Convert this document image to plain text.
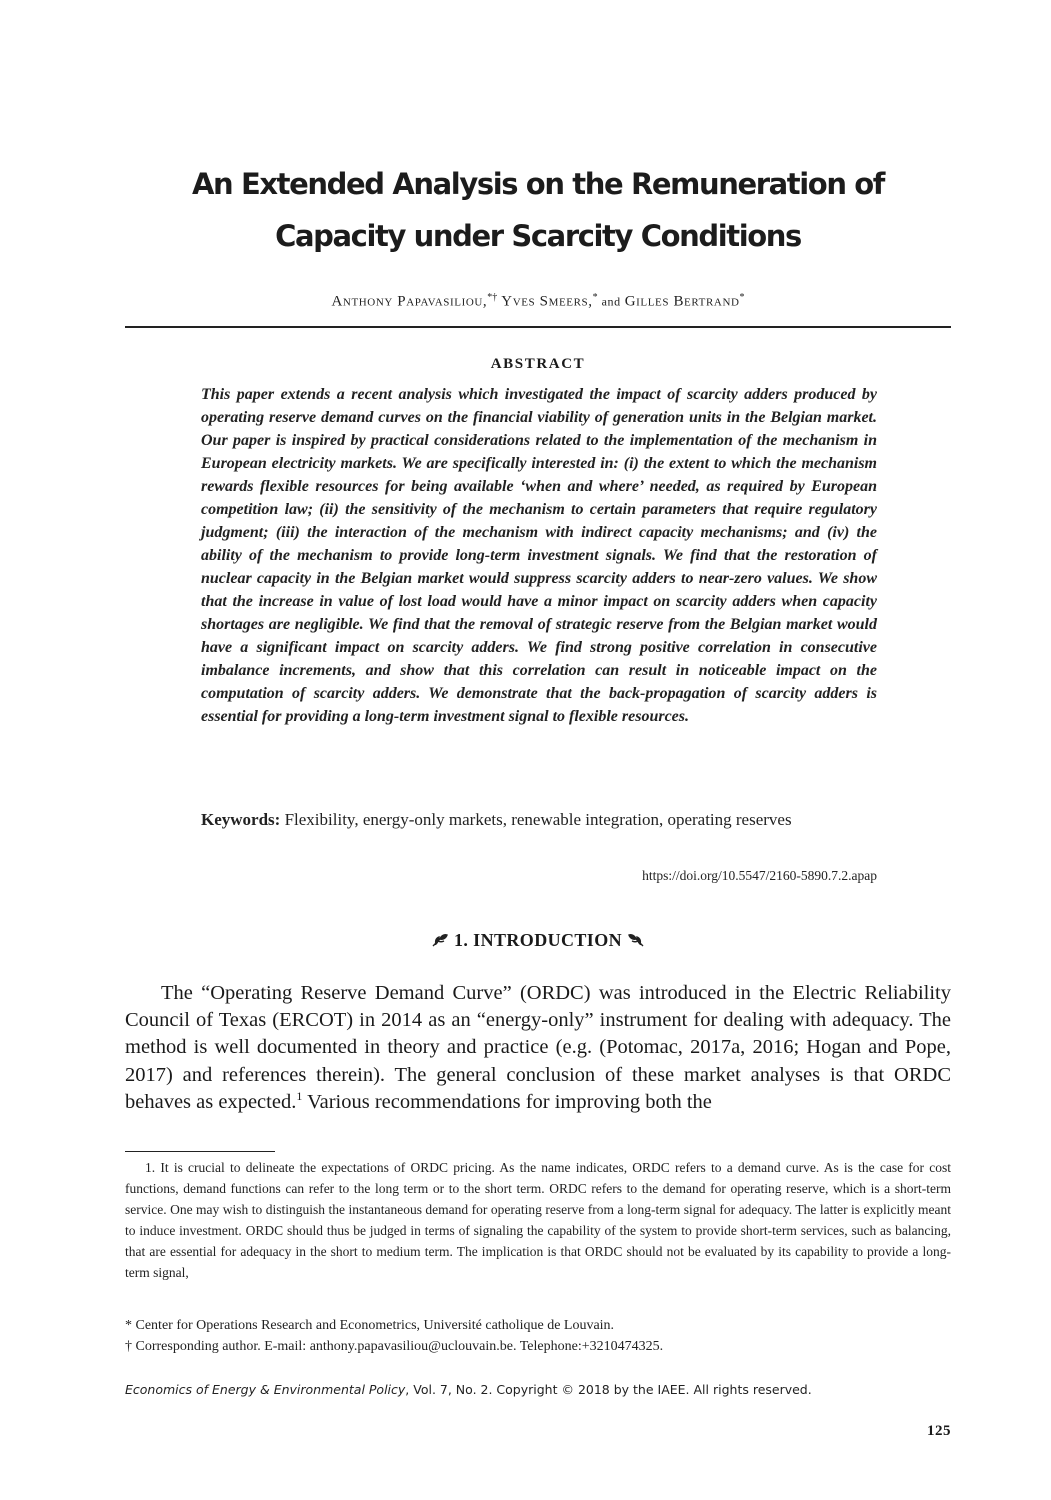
An Extended Analysis on the Remuneration of
Capacity under Scarcity Conditions
Anthony Papavasiliou,*† Yves Smeers,* and Gilles Bertrand*
ABSTRACT
This paper extends a recent analysis which investigated the impact of scarcity adders produced by operating reserve demand curves on the financial viability of generation units in the Belgian market. Our paper is inspired by practical considerations related to the implementation of the mechanism in European electricity markets. We are specifically interested in: (i) the extent to which the mechanism rewards flexible resources for being available ‘when and where’ needed, as required by European competition law; (ii) the sensitivity of the mechanism to certain parameters that require regulatory judgment; (iii) the interaction of the mechanism with indirect capacity mechanisms; and (iv) the ability of the mechanism to provide long-term investment signals. We find that the restoration of nuclear capacity in the Belgian market would suppress scarcity adders to near-zero values. We show that the increase in value of lost load would have a minor impact on scarcity adders when capacity shortages are negligible. We find that the removal of strategic reserve from the Belgian market would have a significant impact on scarcity adders. We find strong positive correlation in consecutive imbalance increments, and show that this correlation can result in noticeable impact on the computation of scarcity adders. We demonstrate that the back-propagation of scarcity adders is essential for providing a long-term investment signal to flexible resources.
Keywords: Flexibility, energy-only markets, renewable integration, operating reserves
https://doi.org/10.5547/2160-5890.7.2.apap
1. INTRODUCTION
The “Operating Reserve Demand Curve” (ORDC) was introduced in the Electric Reliability Council of Texas (ERCOT) in 2014 as an “energy-only” instrument for dealing with adequacy. The method is well documented in theory and practice (e.g. (Potomac, 2017a, 2016; Hogan and Pope, 2017) and references therein). The general conclusion of these market analyses is that ORDC behaves as expected.$^1$ Various recommendations for improving both the
1. It is crucial to delineate the expectations of ORDC pricing. As the name indicates, ORDC refers to a demand curve. As is the case for cost functions, demand functions can refer to the long term or to the short term. ORDC refers to the demand for operating reserve, which is a short-term service. One may wish to distinguish the instantaneous demand for operating reserve from a long-term signal for adequacy. The latter is explicitly meant to induce investment. ORDC should thus be judged in terms of signaling the capability of the system to provide short-term services, such as balancing, that are essential for adequacy in the short to medium term. The implication is that ORDC should not be evaluated by its capability to provide a long-term signal,
* Center for Operations Research and Econometrics, Université catholique de Louvain.
† Corresponding author. E-mail: anthony.papavasiliou@uclouvain.be. Telephone:+3210474325.
Economics of Energy & Environmental Policy, Vol. 7, No. 2. Copyright © 2018 by the IAEE. All rights reserved.
125
